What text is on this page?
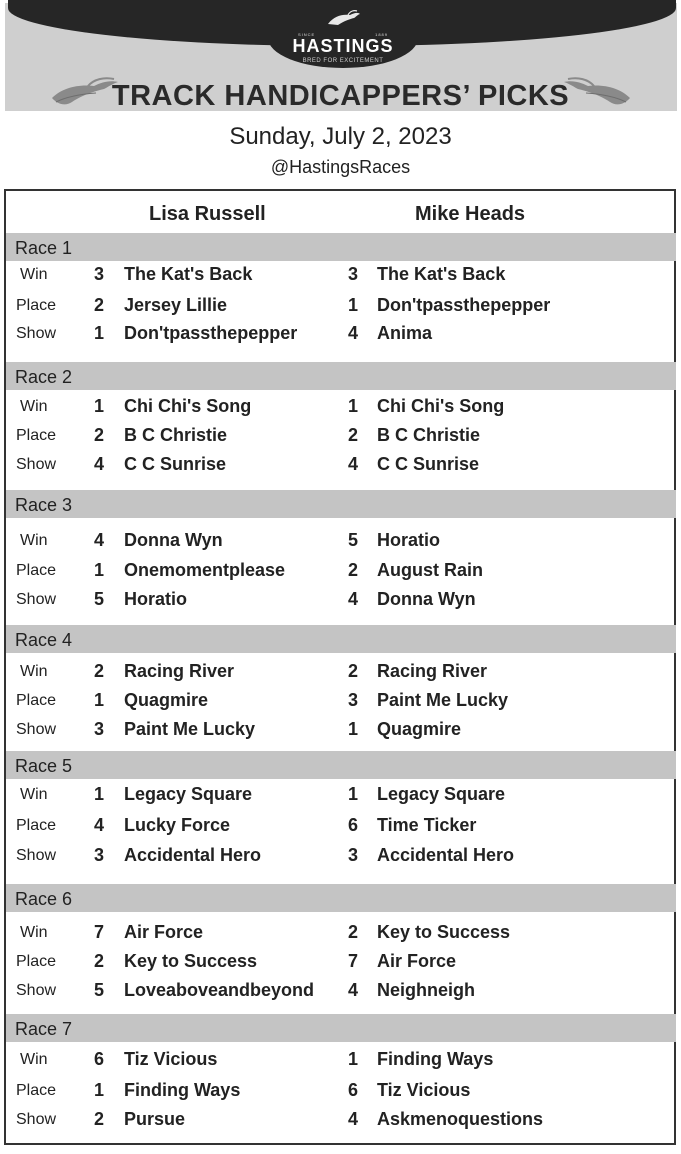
SINCE	1889
HASTINGS
BRED FOR EXCITEMENT
TRACK HANDICAPPERS’ PICKS
Sunday, July 2, 2023
@HastingsRaces
Lisa Russell	Mike Heads
Race 1
Win	3 The Kat's Back	3 The Kat's Back
Place	2 Jersey Lillie	1 Don'tpassthepepper
Show	1 Don'tpassthepepper	4 Anima
Race 2
Win	1 Chi Chi's Song	1 Chi Chi's Song
Place	2 B C Christie	2 B C Christie
Show	4 C C Sunrise	4 C C Sunrise
Race 3
Win	4 Donna Wyn	5 Horatio
Place	1 Onemomentplease	2 August Rain
Show	5 Horatio	4 Donna Wyn
Race 4
Win	2 Racing River	2 Racing River
Place	1 Quagmire	3 Paint Me Lucky
Show	3 Paint Me Lucky	1 Quagmire
Race 5
Win	1 Legacy Square	1 Legacy Square
Place	4 Lucky Force	6 Time Ticker
Show	3 Accidental Hero	3 Accidental Hero
Race 6
Win	7 Air Force	2 Key to Success
Place	2 Key to Success	7 Air Force
Show	5 Loveaboveandbeyond	4 Neighneigh
Race 7
Win	6 Tiz Vicious	1 Finding Ways
Place	1 Finding Ways	6 Tiz Vicious
Show	2 Pursue	4 Askmenoquestions
